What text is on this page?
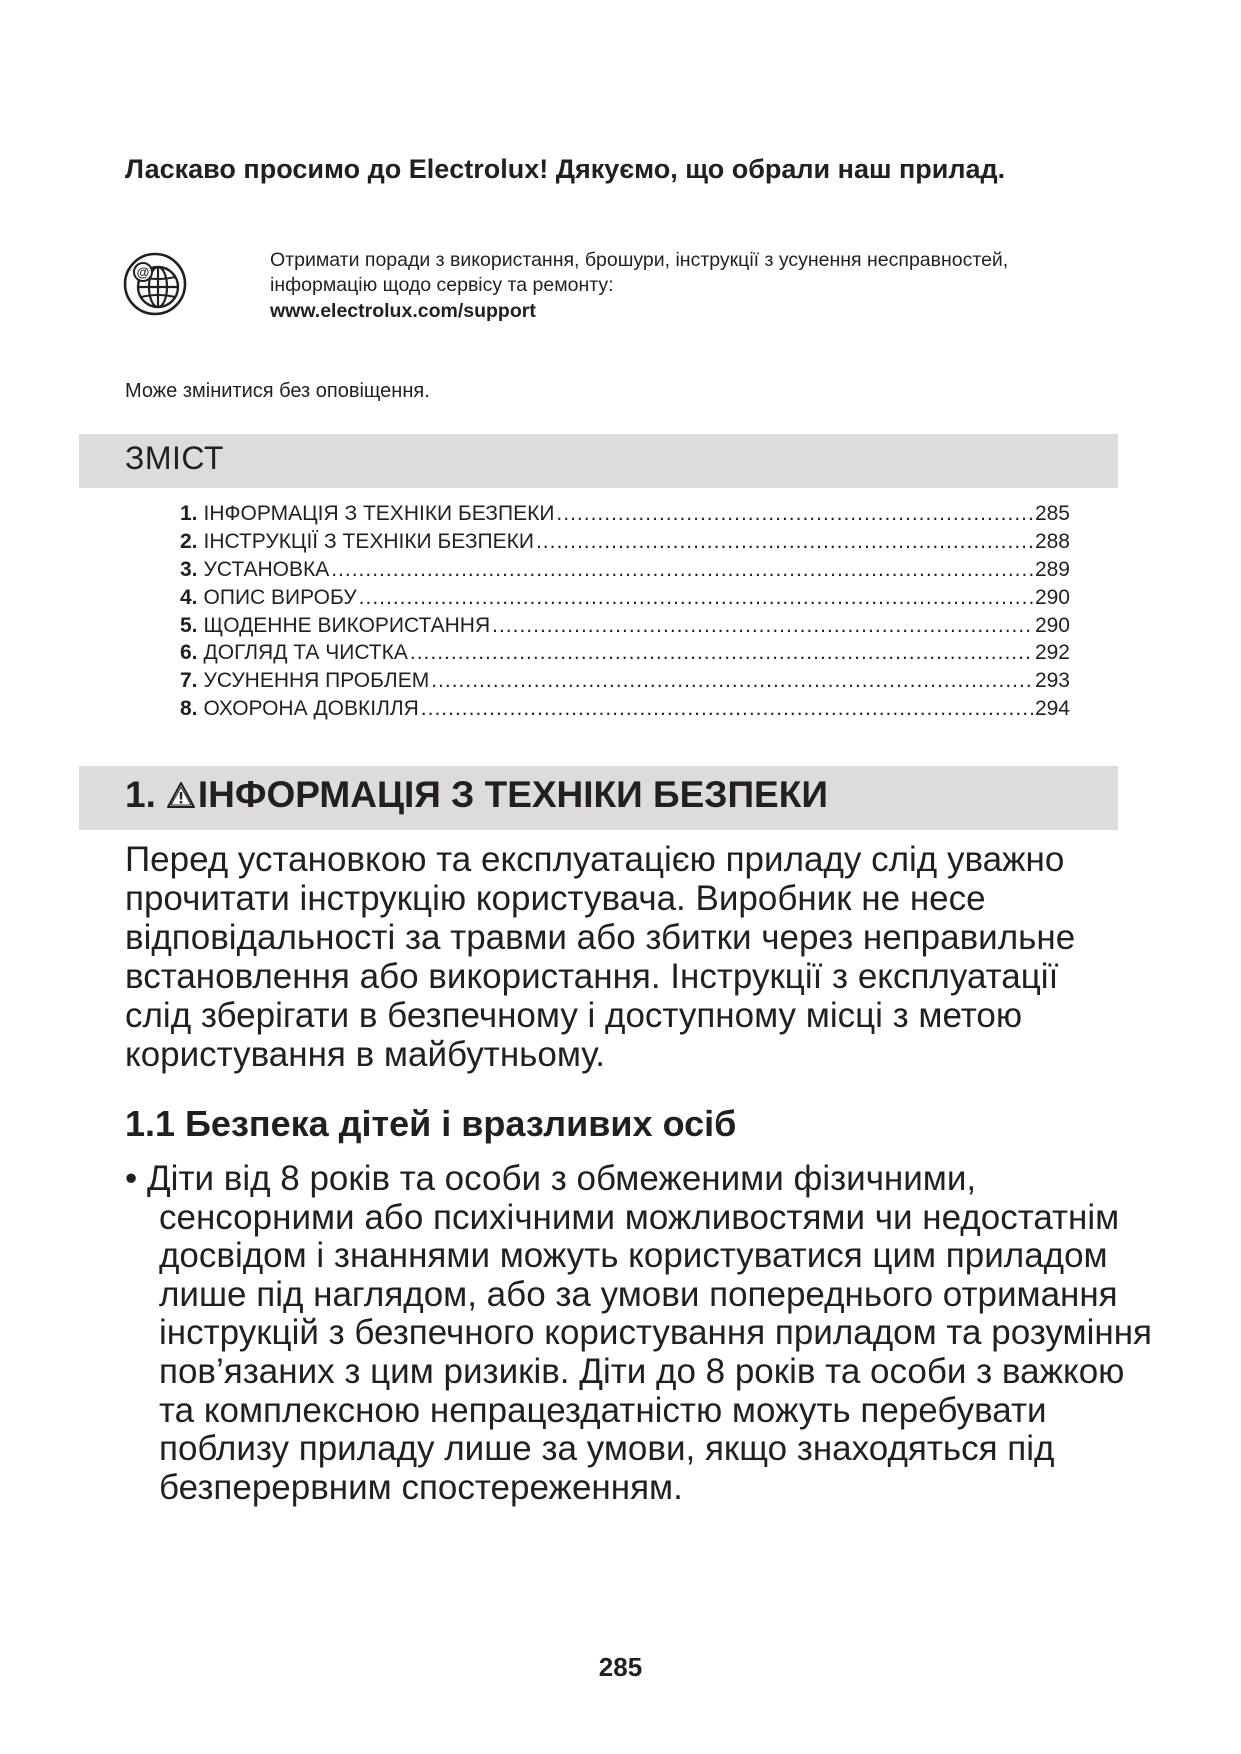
Ласкаво просимо до Electrolux! Дякуємо, що обрали наш прилад.
@
Отримати поради з використання, брошури, інструкції з усунення несправностей,
інформацію щодо сервісу та ремонту:
www.electrolux.com/support
Може змінитися без оповіщення.
ЗМІСТ
1. ІНФОРМАЦІЯ З ТЕХНІКИ БЕЗПЕКИ .....	285
2. ІНСТРУКЦІЇ З ТЕХНІКИ БЕЗПЕКИ .....	288
3. УСТАНОВКА .....	289
4. ОПИС ВИРОБУ .....	290
5. ЩОДЕННЕ ВИКОРИСТАННЯ .....	290
6. ДОГЛЯД ТА ЧИСТКА .....	292
7. УСУНЕННЯ ПРОБЛЕМ .....	293
8. ОХОРОНА ДОВКІЛЛЯ .....	294
1. ІНФОРМАЦІЯ З ТЕХНІКИ БЕЗПЕКИ

Перед установкою та експлуатацією приладу слід уважно прочитати інструкцію користувача. Виробник не несе відповідальності за травми або збитки через неправильне встановлення або використання. Інструкції з експлуатації слід зберігати в безпечному і доступному місці з метою користування в майбутньому.

1.1 Безпека дітей і вразливих осіб

• Діти від 8 років та особи з обмеженими фізичними, сенсорними або психічними можливостями чи недостатнім досвідом і знаннями можуть користуватися цим приладом лише під наглядом, або за умови попереднього отримання інструкцій з безпечного користування приладом та розуміння пов’язаних з цим ризиків. Діти до 8 років та особи з важкою та комплексною непрацездатністю можуть перебувати поблизу приладу лише за умови, якщо знаходяться під безперервним спостереженням.

285
